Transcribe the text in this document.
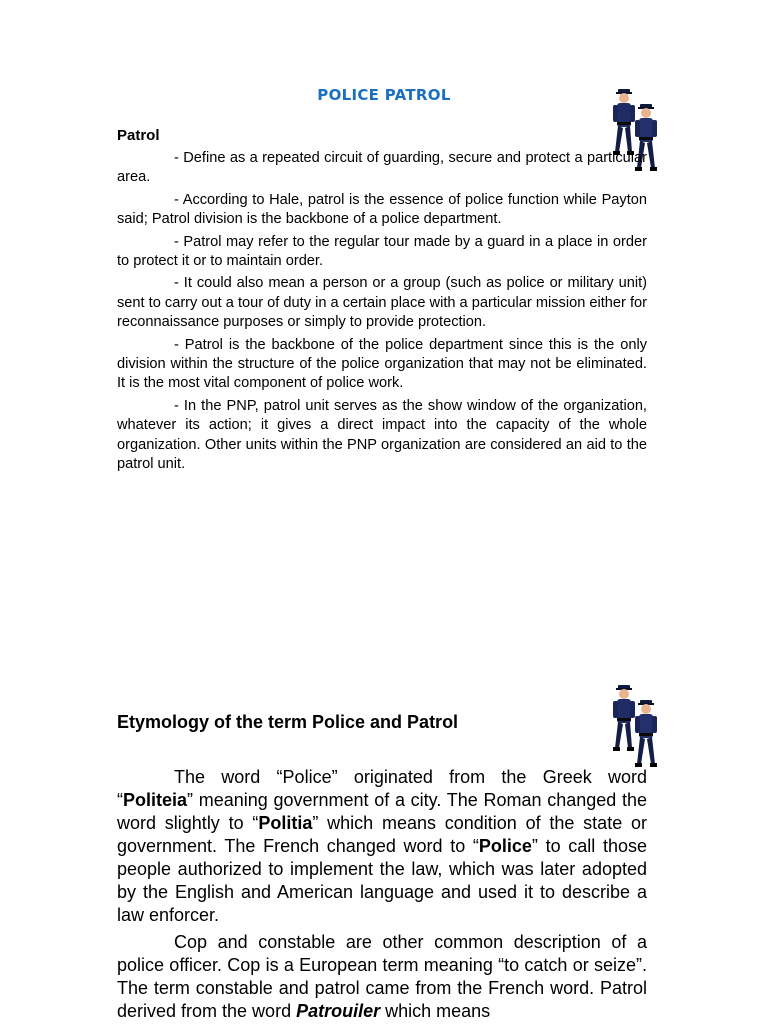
POLICE PATROL
Patrol

- Define as a repeated circuit of guarding, secure and protect a particular area.

- According to Hale, patrol is the essence of police function while Payton said; Patrol division is the backbone of a police department.

- Patrol may refer to the regular tour made by a guard in a place in order to protect it or to maintain order.

- It could also mean a person or a group (such as police or military unit) sent to carry out a tour of duty in a certain place with a particular mission either for reconnaissance purposes or simply to provide protection.

- Patrol is the backbone of the police department since this is the only division within the structure of the police organization that may not be eliminated. It is the most vital component of police work.

- In the PNP, patrol unit serves as the show window of the organization, whatever its action; it gives a direct impact into the capacity of the whole organization. Other units within the PNP organization are considered an aid to the patrol unit.

Etymology of the term Police and Patrol

The word “Police” originated from the Greek word “Politeia” meaning government of a city. The Roman changed the word slightly to “Politia” which means condition of the state or government. The French changed word to “Police” to call those people authorized to implement the law, which was later adopted by the English and American language and used it to describe a law enforcer.

Cop and constable are other common description of a police officer. Cop is a European term meaning “to catch or seize”. The term constable and patrol came from the French word. Patrol derived from the word Patrouiler which means
